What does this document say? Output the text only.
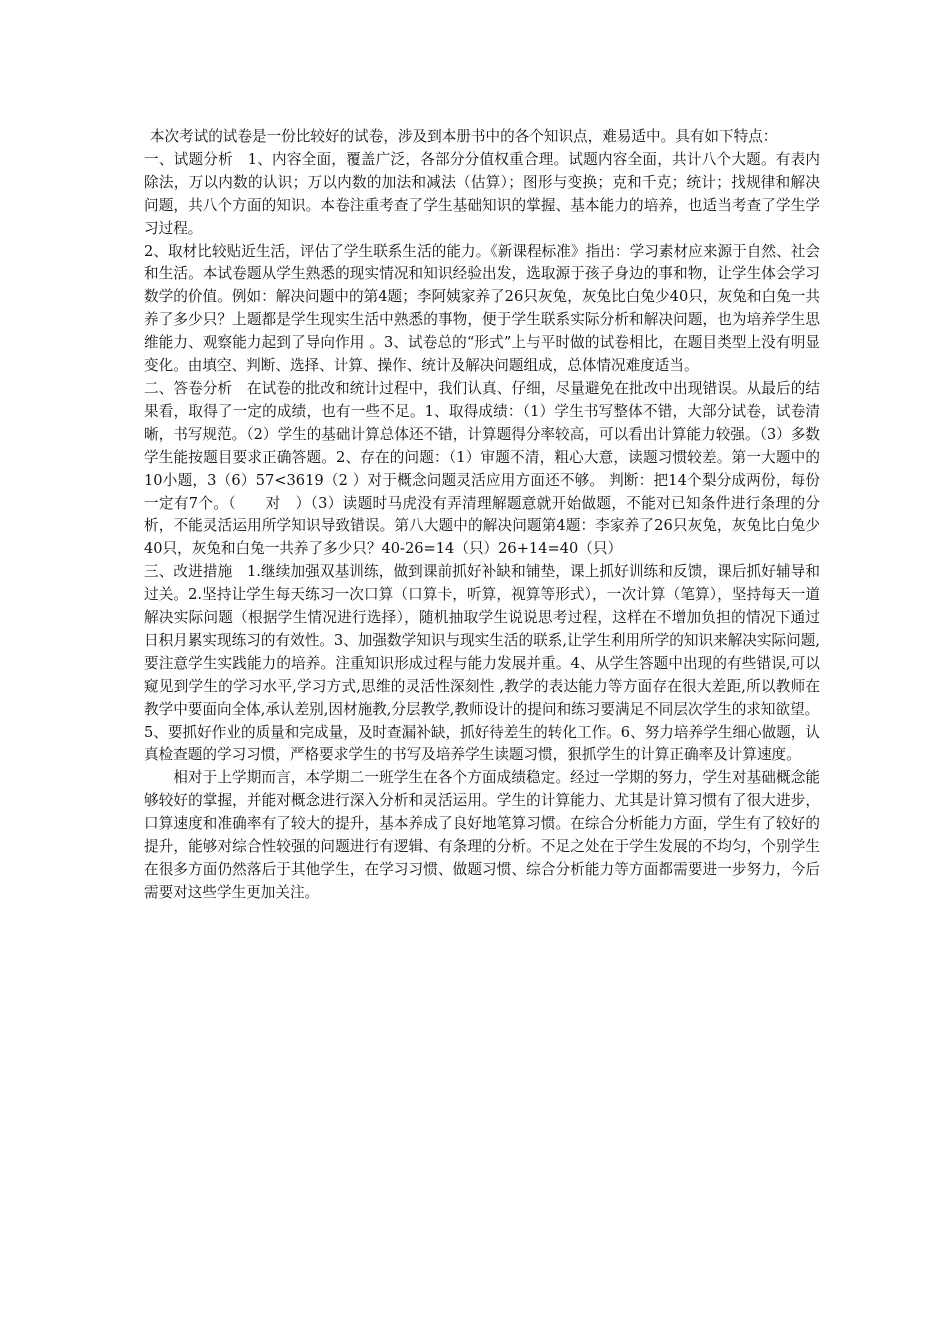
本次考试的试卷是一份比较好的试卷，涉及到本册书中的各个知识点，难易适中。具有如下特点：

一、试题分析　1、内容全面，覆盖广泛，各部分分值权重合理。试题内容全面，共计八个大题。有表内除法，万以内数的认识；万以内数的加法和减法（估算）；图形与变换；克和千克；统计；找规律和解决问题，共八个方面的知识。本卷注重考查了学生基础知识的掌握、基本能力的培养，也适当考查了学生学习过程。

2、取材比较贴近生活，评估了学生联系生活的能力。《新课程标准》指出：学习素材应来源于自然、社会和生活。本试卷题从学生熟悉的现实情况和知识经验出发，选取源于孩子身边的事和物，让学生体会学习数学的价值。例如：解决问题中的第4题；李阿姨家养了26只灰兔，灰兔比白兔少40只，灰兔和白兔一共养了多少只？上题都是学生现实生活中熟悉的事物，便于学生联系实际分析和解决问题，也为培养学生思维能力、观察能力起到了导向作用 。3、试卷总的“形式”上与平时做的试卷相比，在题目类型上没有明显变化。由填空、判断、选择、计算、操作、统计及解决问题组成，总体情况难度适当。

二、答卷分析　在试卷的批改和统计过程中，我们认真、仔细，尽量避免在批改中出现错误。从最后的结果看，取得了一定的成绩，也有一些不足。1、取得成绩：（1）学生书写整体不错，大部分试卷，试卷清晰，书写规范。（2）学生的基础计算总体还不错，计算题得分率较高，可以看出计算能力较强。（3）多数学生能按题目要求正确答题。2、存在的问题：（1）审题不清，粗心大意，读题习惯较差。第一大题中的10小题，3（6）57<3619（2 ）对于概念问题灵活应用方面还不够。 判断：把14个梨分成两份，每份一定有7个。（　　对　）（3）读题时马虎没有弄清理解题意就开始做题，不能对已知条件进行条理的分析，不能灵活运用所学知识导致错误。第八大题中的解决问题第4题：李家养了26只灰兔，灰兔比白兔少40只，灰兔和白兔一共养了多少只？40-26=14（只）26+14=40（只）

三、改进措施　1.继续加强双基训练，做到课前抓好补缺和铺垫，课上抓好训练和反馈，课后抓好辅导和过关。2.坚持让学生每天练习一次口算（口算卡，听算，视算等形式），一次计算（笔算），坚持每天一道解决实际问题（根据学生情况进行选择），随机抽取学生说说思考过程，这样在不增加负担的情况下通过日积月累实现练习的有效性。3、加强数学知识与现实生活的联系,让学生利用所学的知识来解决实际问题,要注意学生实践能力的培养。注重知识形成过程与能力发展并重。4、从学生答题中出现的有些错误,可以窥见到学生的学习水平,学习方式,思维的灵活性深刻性 ,教学的表达能力等方面存在很大差距,所以教师在教学中要面向全体,承认差别,因材施教,分层教学,教师设计的提问和练习要满足不同层次学生的求知欲望。

5、要抓好作业的质量和完成量，及时查漏补缺，抓好待差生的转化工作。6、努力培养学生细心做题，认真检查题的学习习惯，严格要求学生的书写及培养学生读题习惯，狠抓学生的计算正确率及计算速度。

相对于上学期而言，本学期二一班学生在各个方面成绩稳定。经过一学期的努力，学生对基础概念能够较好的掌握，并能对概念进行深入分析和灵活运用。学生的计算能力、尤其是计算习惯有了很大进步，口算速度和准确率有了较大的提升，基本养成了良好地笔算习惯。在综合分析能力方面，学生有了较好的提升，能够对综合性较强的问题进行有逻辑、有条理的分析。不足之处在于学生发展的不均匀，个别学生在很多方面仍然落后于其他学生，在学习习惯、做题习惯、综合分析能力等方面都需要进一步努力，今后需要对这些学生更加关注。
